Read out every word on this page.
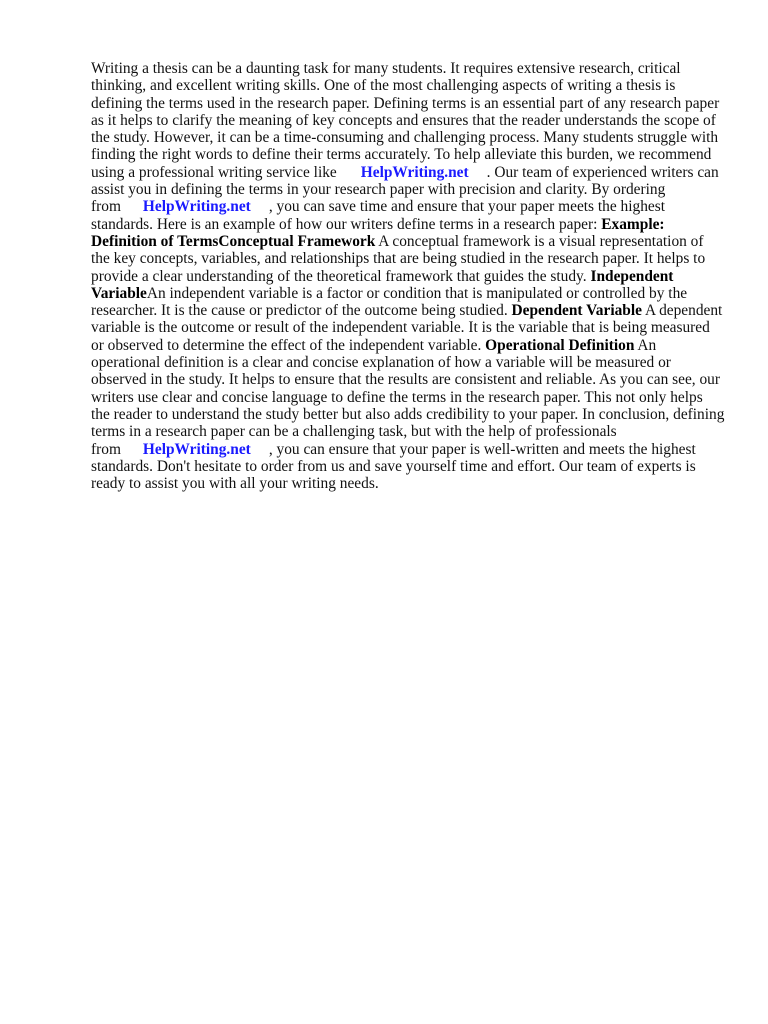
Writing a thesis can be a daunting task for many students. It requires extensive research, critical thinking, and excellent writing skills. One of the most challenging aspects of writing a thesis is defining the terms used in the research paper. Defining terms is an essential part of any research paper as it helps to clarify the meaning of key concepts and ensures that the reader understands the scope of the study. However, it can be a time-consuming and challenging process. Many students struggle with finding the right words to define their terms accurately. To help alleviate this burden, we recommend using a professional writing service like HelpWriting.net . Our team of experienced writers can assist you in defining the terms in your research paper with precision and clarity. By ordering from HelpWriting.net , you can save time and ensure that your paper meets the highest standards. Here is an example of how our writers define terms in a research paper: Example: Definition of TermsConceptual Framework A conceptual framework is a visual representation of the key concepts, variables, and relationships that are being studied in the research paper. It helps to provide a clear understanding of the theoretical framework that guides the study. Independent VariableAn independent variable is a factor or condition that is manipulated or controlled by the researcher. It is the cause or predictor of the outcome being studied. Dependent Variable A dependent variable is the outcome or result of the independent variable. It is the variable that is being measured or observed to determine the effect of the independent variable. Operational Definition An operational definition is a clear and concise explanation of how a variable will be measured or observed in the study. It helps to ensure that the results are consistent and reliable. As you can see, our writers use clear and concise language to define the terms in the research paper. This not only helps the reader to understand the study better but also adds credibility to your paper. In conclusion, defining terms in a research paper can be a challenging task, but with the help of professionals from HelpWriting.net , you can ensure that your paper is well-written and meets the highest standards. Don't hesitate to order from us and save yourself time and effort. Our team of experts is ready to assist you with all your writing needs.
